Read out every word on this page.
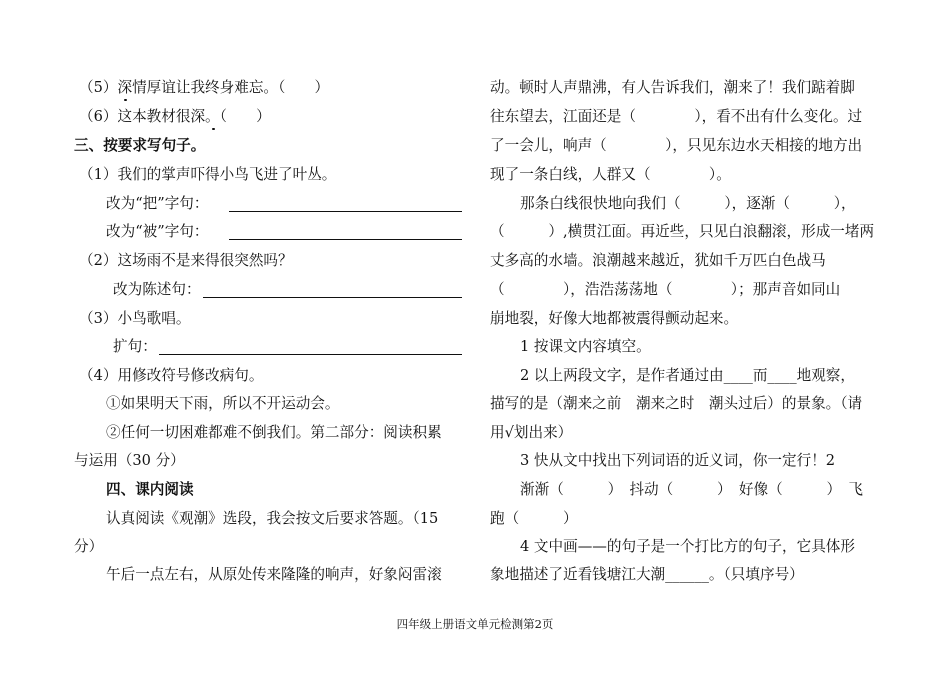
（5）深情厚谊让我终身难忘。（　　）
（6）这本教材很深。（　　）
三、按要求写句子。
（1）我们的掌声吓得小鸟飞进了叶丛。
改为“把”字句：
改为“被”字句：
（2）这场雨不是来得很突然吗？
改为陈述句：
（3）小鸟歌唱。
扩句：
（4）用修改符号修改病句。
①如果明天下雨，所以不开运动会。
②任何一切困难都难不倒我们。第二部分：阅读积累
与运用（30 分）
四、课内阅读
认真阅读《观潮》选段，我会按文后要求答题。（15
分）
午后一点左右，从原处传来隆隆的响声，好象闷雷滚
动。顿时人声鼎沸，有人告诉我们，潮来了！我们踮着脚
往东望去，江面还是（　　　　），看不出有什么变化。过
了一会儿，响声（　　　　），只见东边水天相接的地方出
现了一条白线，人群又（　　　　）。
那条白线很快地向我们（　　　），逐渐（　　　），
（　　　）,横贯江面。再近些，只见白浪翻滚，形成一堵两
丈多高的水墙。浪潮越来越近，犹如千万匹白色战马
（　　　　），浩浩荡荡地（　　　　）；那声音如同山
崩地裂，好像大地都被震得颤动起来。
1 按课文内容填空。
2 以上两段文字，是作者通过由____而____地观察，
描写的是（潮来之前　潮来之时　潮头过后）的景象。（请
用√划出来）
3 快从文中找出下列词语的近义词，你一定行！2
渐渐（　　　）　抖动（　　　）　好像（　　　）　飞
跑（　　　）
4 文中画——的句子是一个打比方的句子，它具体形
象地描述了近看钱塘江大潮______。（只填序号）
四年级上册语文单元检测第2页
